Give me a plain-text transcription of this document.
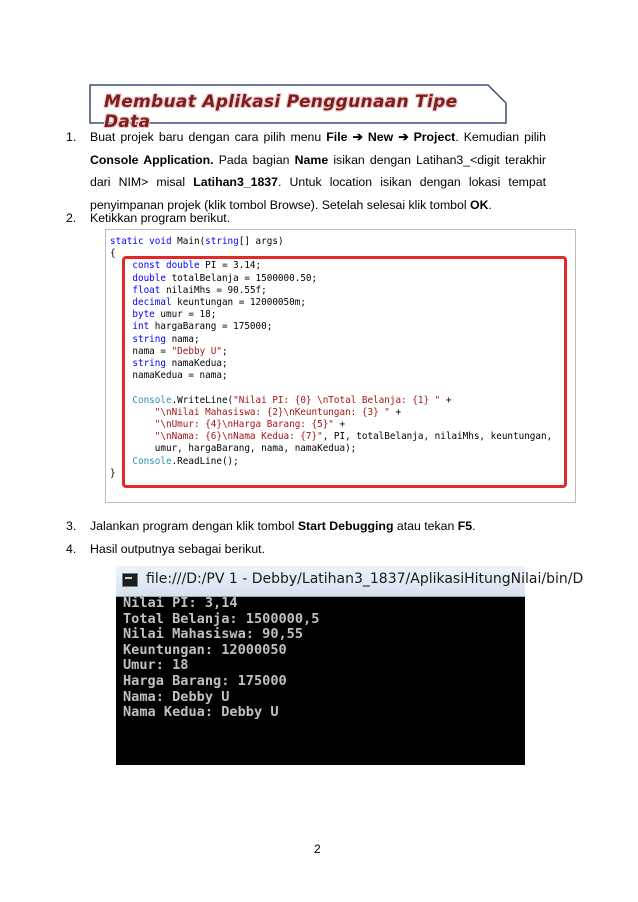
Membuat Aplikasi Penggunaan Tipe Data
1. Buat projek baru dengan cara pilih menu File ➔ New ➔ Project. Kemudian pilih
Console Application. Pada bagian Name isikan dengan Latihan3_<digit terakhir
dari NIM> misal Latihan3_1837. Untuk location isikan dengan lokasi tempat
penyimpanan projek (klik tombol Browse). Setelah selesai klik tombol OK.
2. Ketikkan program berikut.
static void Main(string[] args)
{
const double PI = 3.14;
double totalBelanja = 1500000.50;
float nilaiMhs = 90.55f;
decimal keuntungan = 12000050m;
byte umur = 18;
int hargaBarang = 175000;
string nama;
nama = "Debby U";
string namaKedua;
namaKedua = nama;

Console.WriteLine("Nilai PI: {0} \nTotal Belanja: {1} " +
"\nNilai Mahasiswa: {2}\nKeuntungan: {3} " +
"\nUmur: {4}\nHarga Barang: {5}" +
"\nNama: {6}\nNama Kedua: {7}", PI, totalBelanja, nilaiMhs, keuntungan,
umur, hargaBarang, nama, namaKedua);
Console.ReadLine();
}
3. Jalankan program dengan klik tombol Start Debugging atau tekan F5.
4. Hasil outputnya sebagai berikut.
file:///D:/PV 1 - Debby/Latihan3_1837/AplikasiHitungNilai/bin/D
Nilai PI: 3,14
Total Belanja: 1500000,5
Nilai Mahasiswa: 90,55
Keuntungan: 12000050
Umur: 18
Harga Barang: 175000
Nama: Debby U
Nama Kedua: Debby U
2
